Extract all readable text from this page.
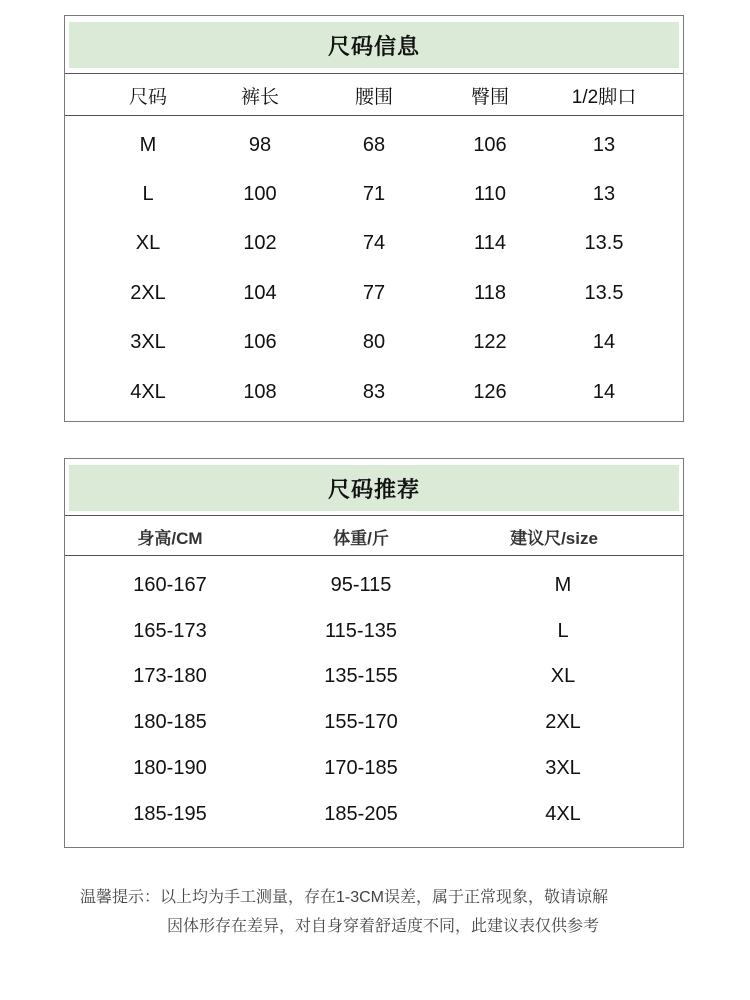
尺码信息
尺码	裤长	腰围	臀围	1/2脚口
M	98	68	106	13
L	100	71	110	13
XL	102	74	114	13.5
2XL	104	77	118	13.5
3XL	106	80	122	14
4XL	108	83	126	14
尺码推荐
身高/CM	体重/斤	建议尺/size
160-167	95-115	M
165-173	115-135	L
173-180	135-155	XL
180-185	155-170	2XL
180-190	170-185	3XL
185-195	185-205	4XL
温馨提示：以上均为手工测量，存在1-3CM误差，属于正常现象，敬请谅解
因体形存在差异，对自身穿着舒适度不同，此建议表仅供参考
